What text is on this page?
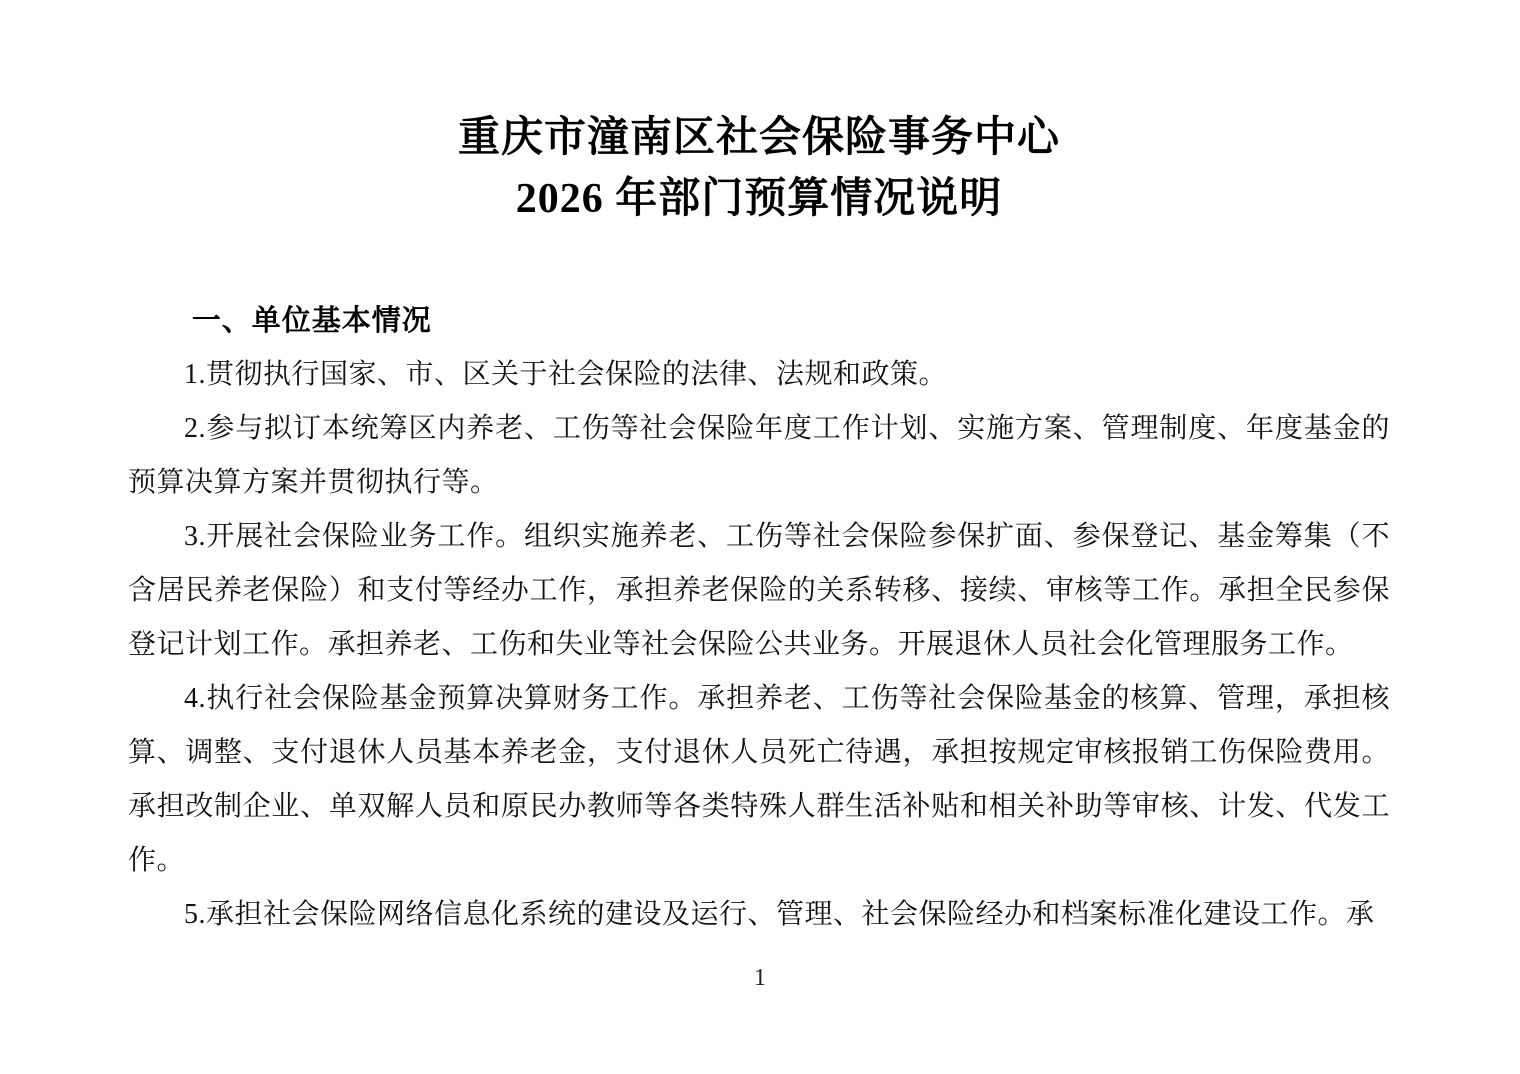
重庆市潼南区社会保险事务中心
2026 年部门预算情况说明
一、单位基本情况

1.贯彻执行国家、市、区关于社会保险的法律、法规和政策。

2.参与拟订本统筹区内养老、工伤等社会保险年度工作计划、实施方案、管理制度、年度基金的预算决算方案并贯彻执行等。

3.开展社会保险业务工作。组织实施养老、工伤等社会保险参保扩面、参保登记、基金筹集（不含居民养老保险）和支付等经办工作，承担养老保险的关系转移、接续、审核等工作。承担全民参保登记计划工作。承担养老、工伤和失业等社会保险公共业务。开展退休人员社会化管理服务工作。

4.执行社会保险基金预算决算财务工作。承担养老、工伤等社会保险基金的核算、管理，承担核算、调整、支付退休人员基本养老金，支付退休人员死亡待遇，承担按规定审核报销工伤保险费用。承担改制企业、单双解人员和原民办教师等各类特殊人群生活补贴和相关补助等审核、计发、代发工作。

5.承担社会保险网络信息化系统的建设及运行、管理、社会保险经办和档案标准化建设工作。承

1
